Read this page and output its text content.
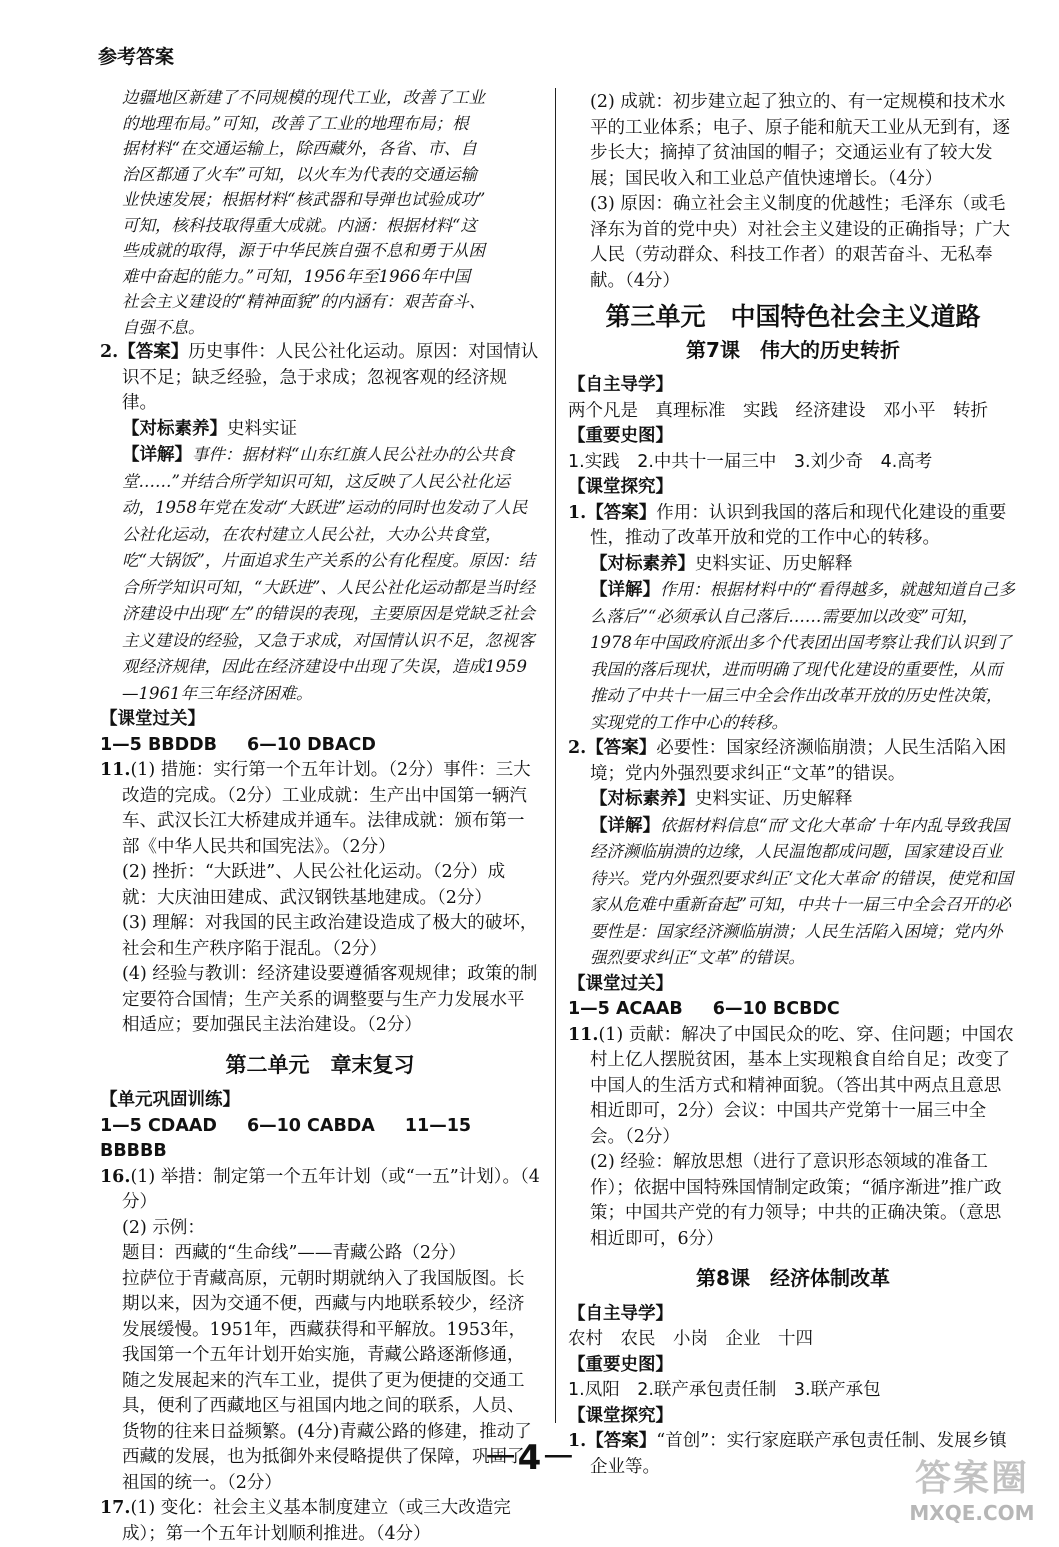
参考答案

边疆地区新建了不同规模的现代工业，改善了工业

的地理布局。”可知，改善了工业的地理布局；根

据材料“在交通运输上，除西藏外，各省、市、自

治区都通了火车”可知，以火车为代表的交通运输

业快速发展；根据材料“核武器和导弹也试验成功”

可知，核科技取得重大成就。内涵：根据材料“这

些成就的取得，源于中华民族自强不息和勇于从困

难中奋起的能力。”可知，1956年至1966年中国

社会主义建设的“精神面貌”的内涵有：艰苦奋斗、

自强不息。

2.【答案】历史事件：人民公社化运动。原因：对国情认识不足；缺乏经验，急于求成；忽视客观的经济规律。

【对标素养】史料实证

【详解】事件：据材料“山东红旗人民公社办的公共食堂……”并结合所学知识可知，这反映了人民公社化运动，1958年党在发动“大跃进”运动的同时也发动了人民公社化运动，在农村建立人民公社，大办公共食堂，吃“大锅饭”，片面追求生产关系的公有化程度。原因：结合所学知识可知，“大跃进”、人民公社化运动都是当时经济建设中出现“左”的错误的表现，主要原因是党缺乏社会主义建设的经验，又急于求成，对国情认识不足，忽视客观经济规律，因此在经济建设中出现了失误，造成1959—1961年三年经济困难。

【课堂过关】

1—5 BBDDB 6—10 DBACD

11.(1) 措施：实行第一个五年计划。（2分）事件：三大改造的完成。（2分）工业成就：生产出中国第一辆汽车、武汉长江大桥建成并通车。法律成就：颁布第一部《中华人民共和国宪法》。（2分）

(2) 挫折：“大跃进”、人民公社化运动。（2分）成就：大庆油田建成、武汉钢铁基地建成。（2分）

(3) 理解：对我国的民主政治建设造成了极大的破坏，社会和生产秩序陷于混乱。（2分）

(4) 经验与教训：经济建设要遵循客观规律；政策的制定要符合国情；生产关系的调整要与生产力发展水平相适应；要加强民主法治建设。（2分）

第二单元　章末复习

【单元巩固训练】

1—5 CDAAD 6—10 CABDA 11—15 BBBBB

16.(1) 举措：制定第一个五年计划（或“一五”计划）。（4分）

(2) 示例：

题目：西藏的“生命线”——青藏公路（2分）

拉萨位于青藏高原，元朝时期就纳入了我国版图。长期以来，因为交通不便，西藏与内地联系较少，经济发展缓慢。1951年，西藏获得和平解放。1953年，我国第一个五年计划开始实施，青藏公路逐渐修通，随之发展起来的汽车工业，提供了更为便捷的交通工具，便利了西藏地区与祖国内地之间的联系，人员、货物的往来日益频繁。(4分)青藏公路的修建，推动了西藏的发展，也为抵御外来侵略提供了保障，巩固了祖国的统一。（2分）

17.(1) 变化：社会主义基本制度建立（或三大改造完成）；第一个五年计划顺利推进。（4分）

(2) 成就：初步建立起了独立的、有一定规模和技术水平的工业体系；电子、原子能和航天工业从无到有，逐步长大；摘掉了贫油国的帽子；交通运业有了较大发展；国民收入和工业总产值快速增长。（4分）

(3) 原因：确立社会主义制度的优越性；毛泽东（或毛泽东为首的党中央）对社会主义建设的正确指导；广大人民（劳动群众、科技工作者）的艰苦奋斗、无私奉献。（4分）

第三单元　中国特色社会主义道路
第7课　伟大的历史转折

【自主导学】

两个凡是　真理标准　实践　经济建设　邓小平　转折

【重要史图】

1.实践　2.中共十一届三中　3.刘少奇　4.高考

【课堂探究】

1.【答案】作用：认识到我国的落后和现代化建设的重要性，推动了改革开放和党的工作中心的转移。

【对标素养】史料实证、历史解释

【详解】作用：根据材料中的“看得越多，就越知道自己多么落后”“必须承认自己落后……需要加以改变”可知，1978年中国政府派出多个代表团出国考察让我们认识到了我国的落后现状，进而明确了现代化建设的重要性，从而推动了中共十一届三中全会作出改革开放的历史性决策，实现党的工作中心的转移。

2.【答案】必要性：国家经济濒临崩溃；人民生活陷入困境；党内外强烈要求纠正“文革”的错误。

【对标素养】史料实证、历史解释

【详解】依据材料信息“而‘文化大革命’十年内乱导致我国经济濒临崩溃的边缘，人民温饱都成问题，国家建设百业待兴。党内外强烈要求纠正‘文化大革命’的错误，使党和国家从危难中重新奋起”可知，中共十一届三中全会召开的必要性是：国家经济濒临崩溃；人民生活陷入困境；党内外强烈要求纠正“文革”的错误。

【课堂过关】

1—5 ACAAB 6—10 BCBDC

11.(1) 贡献：解决了中国民众的吃、穿、住问题；中国农村上亿人摆脱贫困，基本上实现粮食自给自足；改变了中国人的生活方式和精神面貌。（答出其中两点且意思相近即可，2分）会议：中国共产党第十一届三中全会。（2分）

(2) 经验：解放思想（进行了意识形态领域的准备工作）；依据中国特殊国情制定政策；“循序渐进”推广政策；中国共产党的有力领导；中共的正确决策。（意思相近即可，6分）

第8课　经济体制改革

【自主导学】

农村　农民　小岗　企业　十四

【重要史图】

1.凤阳　2.联产承包责任制　3.联产承包

【课堂探究】

1.【答案】“首创”：实行家庭联产承包责任制、发展乡镇企业等。

－4－	答案圈
MXQE.COM
